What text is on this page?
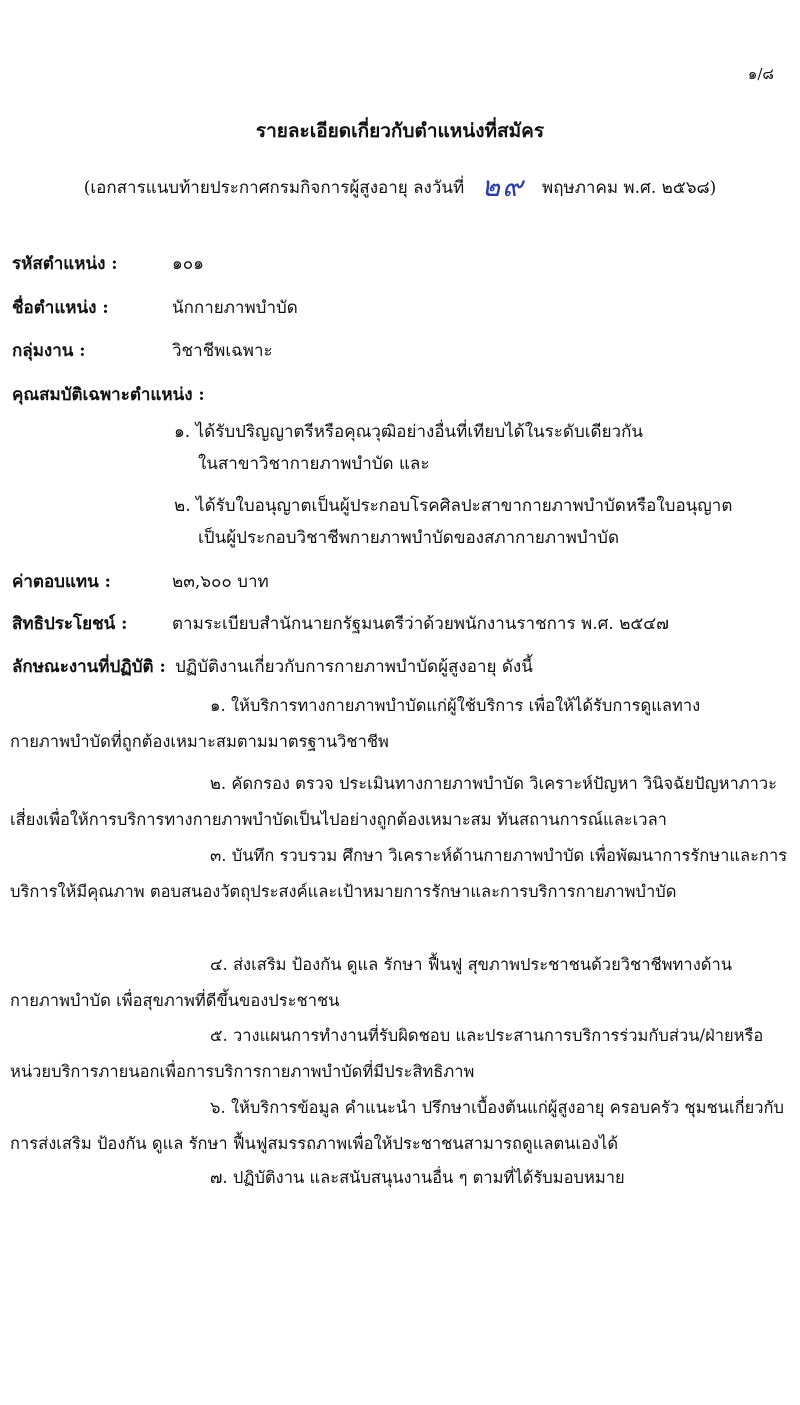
๑/๘
รายละเอียดเกี่ยวกับตำแหน่งที่สมัคร
(เอกสารแนบท้ายประกาศกรมกิจการผู้สูงอายุ ลงวันที่ ๒๙ พฤษภาคม พ.ศ. ๒๕๖๘)
รหัสตำแหน่ง :	๑๐๑
ชื่อตำแหน่ง :	นักกายภาพบำบัด
กลุ่มงาน :	วิชาชีพเฉพาะ
คุณสมบัติเฉพาะตำแหน่ง :
๑. ได้รับปริญญาตรีหรือคุณวุฒิอย่างอื่นที่เทียบได้ในระดับเดียวกัน
ในสาขาวิชากายภาพบำบัด และ
๒. ได้รับใบอนุญาตเป็นผู้ประกอบโรคศิลปะสาขากายภาพบำบัดหรือใบอนุญาต
เป็นผู้ประกอบวิชาชีพกายภาพบำบัดของสภากายภาพบำบัด
ค่าตอบแทน :	๒๓,๖๐๐ บาท
สิทธิประโยชน์ :	ตามระเบียบสำนักนายกรัฐมนตรีว่าด้วยพนักงานราชการ พ.ศ. ๒๕๔๗
ลักษณะงานที่ปฏิบัติ : ปฏิบัติงานเกี่ยวกับการกายภาพบำบัดผู้สูงอายุ ดังนี้
๑. ให้บริการทางกายภาพบำบัดแก่ผู้ใช้บริการ เพื่อให้ได้รับการดูแลทางกายภาพบำบัดที่ถูกต้องเหมาะสมตามมาตรฐานวิชาชีพ
๒. คัดกรอง ตรวจ ประเมินทางกายภาพบำบัด วิเคราะห์ปัญหา วินิจฉัยปัญหาภาวะเสี่ยงเพื่อให้การบริการทางกายภาพบำบัดเป็นไปอย่างถูกต้องเหมาะสม ทันสถานการณ์และเวลา
๓. บันทึก รวบรวม ศึกษา วิเคราะห์ด้านกายภาพบำบัด เพื่อพัฒนาการรักษาและการบริการให้มีคุณภาพ ตอบสนองวัตถุประสงค์และเป้าหมายการรักษาและการบริการกายภาพบำบัด
๔. ส่งเสริม ป้องกัน ดูแล รักษา ฟื้นฟู สุขภาพประชาชนด้วยวิชาชีพทางด้านกายภาพบำบัด เพื่อสุขภาพที่ดีขึ้นของประชาชน
๕. วางแผนการทำงานที่รับผิดชอบ และประสานการบริการร่วมกับส่วน/ฝ่ายหรือ หน่วยบริการภายนอกเพื่อการบริการกายภาพบำบัดที่มีประสิทธิภาพ
๖. ให้บริการข้อมูล คำแนะนำ ปรึกษาเบื้องต้นแก่ผู้สูงอายุ ครอบครัว ชุมชนเกี่ยวกับการส่งเสริม ป้องกัน ดูแล รักษา ฟื้นฟูสมรรถภาพเพื่อให้ประชาชนสามารถดูแลตนเองได้
๗. ปฏิบัติงาน และสนับสนุนงานอื่น ๆ ตามที่ได้รับมอบหมาย
